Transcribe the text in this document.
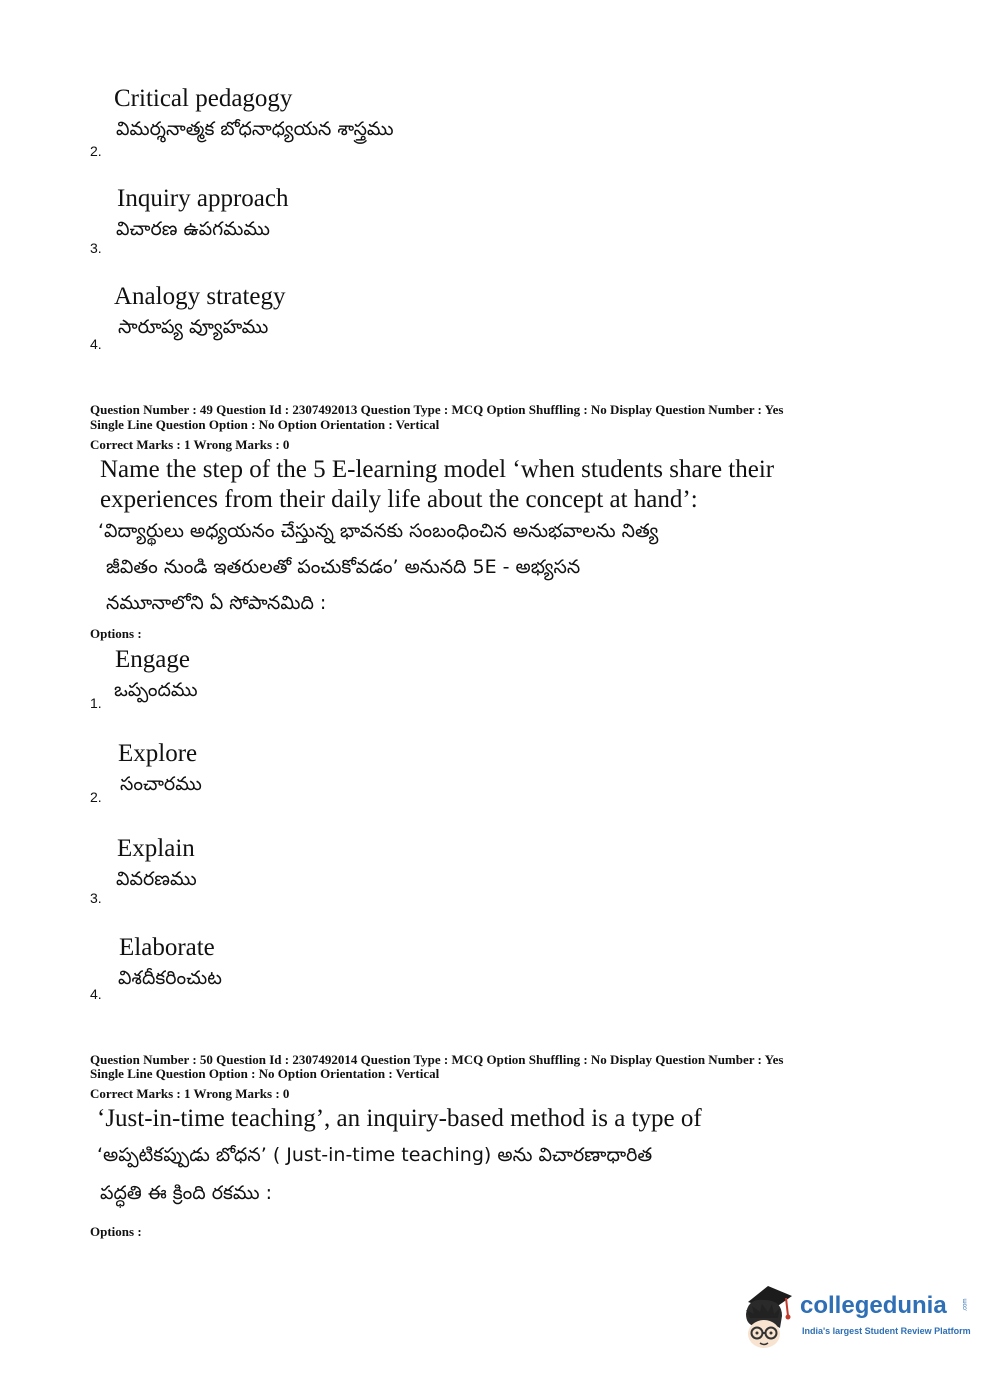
Critical pedagogy
విమర్శనాత్మక బోధనాధ్యయన శాస్త్రము
2.
Inquiry approach
విచారణ ఉపగమము
3.
Analogy strategy
సారూప్య వ్యూహము
4.
Question Number : 49 Question Id : 2307492013 Question Type : MCQ Option Shuffling : No Display Question Number : Yes
Single Line Question Option : No Option Orientation : Vertical
Correct Marks : 1 Wrong Marks : 0
Name the step of the 5 E-learning model ‘when students share their
experiences from their daily life about the concept at hand’:
‘విద్యార్థులు అధ్యయనం చేస్తున్న భావనకు సంబంధించిన అనుభవాలను నిత్య
జీవితం నుండి ఇతరులతో పంచుకోవడం’ అనునది 5E - అభ్యసన
నమూనాలోని ఏ సోపానమిది :
Options :
Engage
ఒప్పందము
1.
Explore
సంచారము
2.
Explain
వివరణము
3.
Elaborate
విశదీకరించుట
4.
Question Number : 50 Question Id : 2307492014 Question Type : MCQ Option Shuffling : No Display Question Number : Yes
Single Line Question Option : No Option Orientation : Vertical
Correct Marks : 1 Wrong Marks : 0
‘Just-in-time teaching’, an inquiry-based method is a type of
‘అప్పటికప్పుడు బోధన’ ( Just-in-time teaching) అను విచారణాధారిత
పద్ధతి ఈ క్రింది రకము :
Options :
collegedunia	.com
India's largest Student Review Platform
